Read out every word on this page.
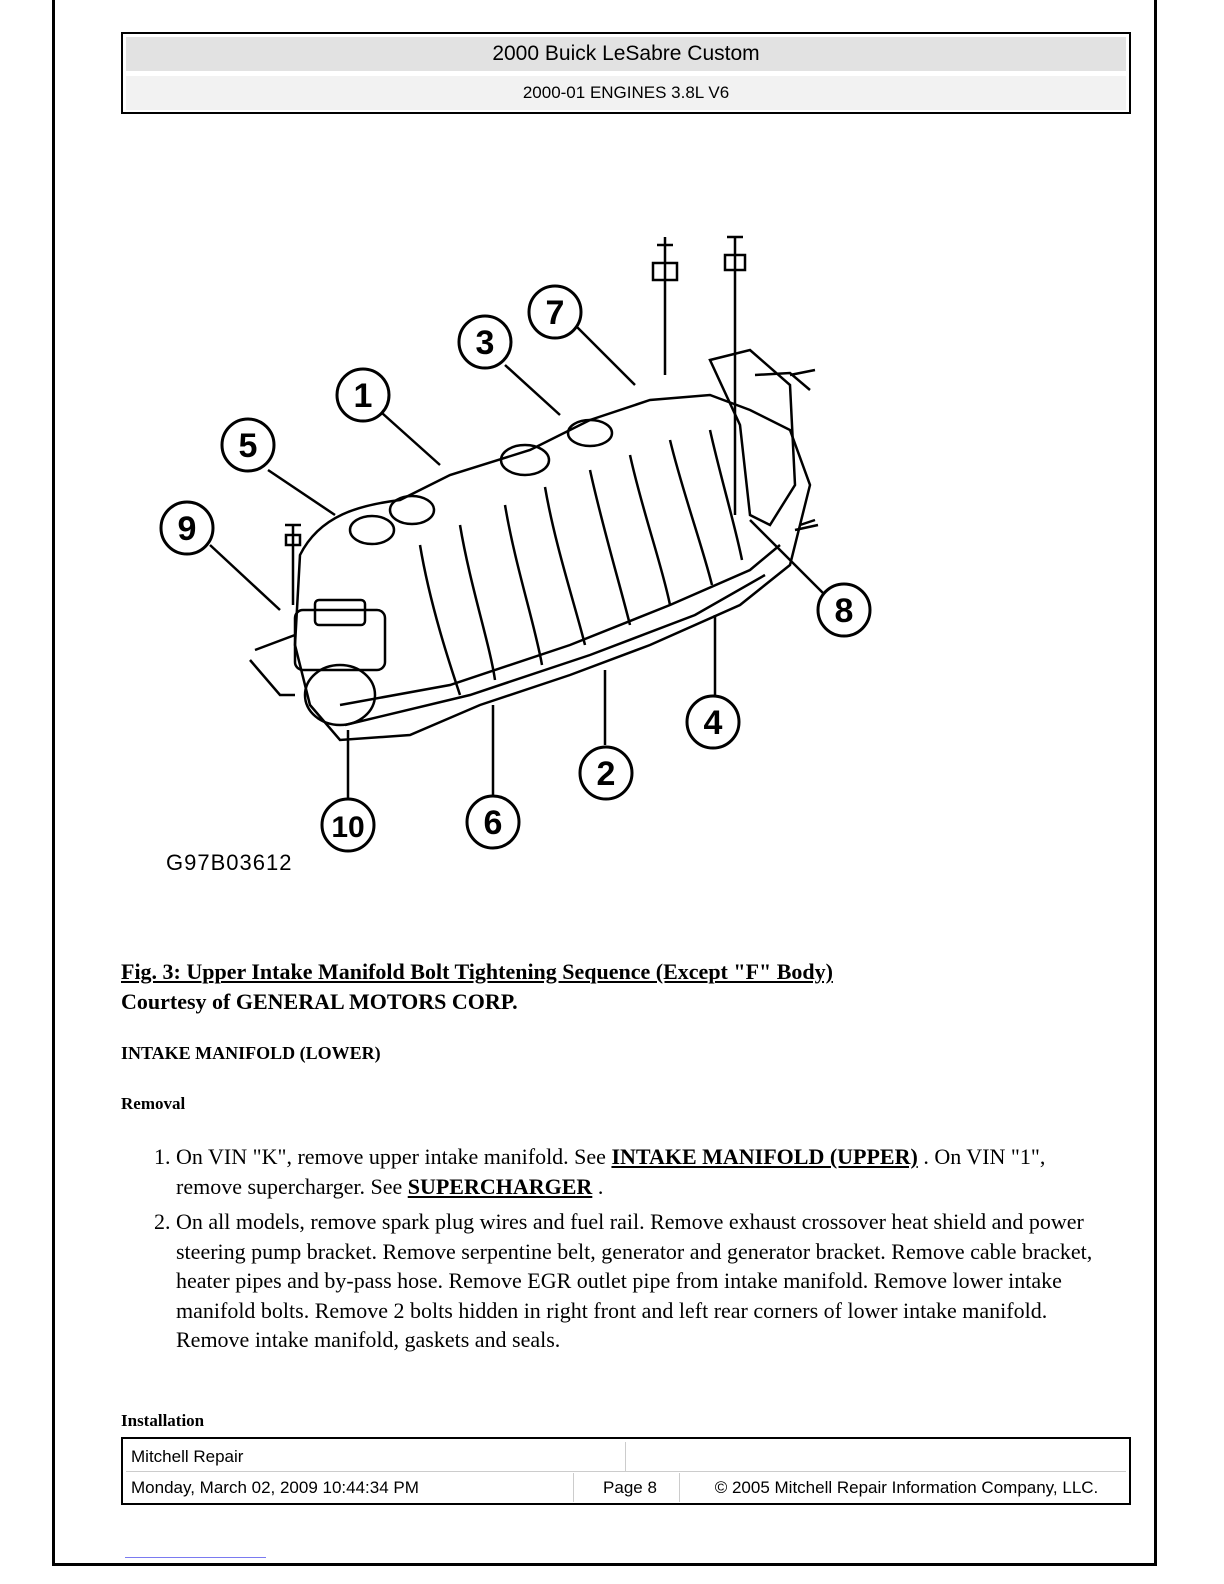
2000 Buick LeSabre Custom
2000-01 ENGINES 3.8L V6
1
5
9
3
7
8
4
2
6
10
G97B03612
Fig. 3: Upper Intake Manifold Bolt Tightening Sequence (Except "F" Body)
Courtesy of GENERAL MOTORS CORP.
INTAKE MANIFOLD (LOWER)
Removal
1. On VIN "K", remove upper intake manifold. See INTAKE MANIFOLD (UPPER) . On VIN "1", remove supercharger. See SUPERCHARGER .
2. On all models, remove spark plug wires and fuel rail. Remove exhaust crossover heat shield and power steering pump bracket. Remove serpentine belt, generator and generator bracket. Remove cable bracket, heater pipes and by-pass hose. Remove EGR outlet pipe from intake manifold. Remove lower intake manifold bolts. Remove 2 bolts hidden in right front and left rear corners of lower intake manifold. Remove intake manifold, gaskets and seals.
Installation
Mitchell Repair
Monday, March 02, 2009 10:44:34 PM	Page 8	© 2005 Mitchell Repair Information Company, LLC.
